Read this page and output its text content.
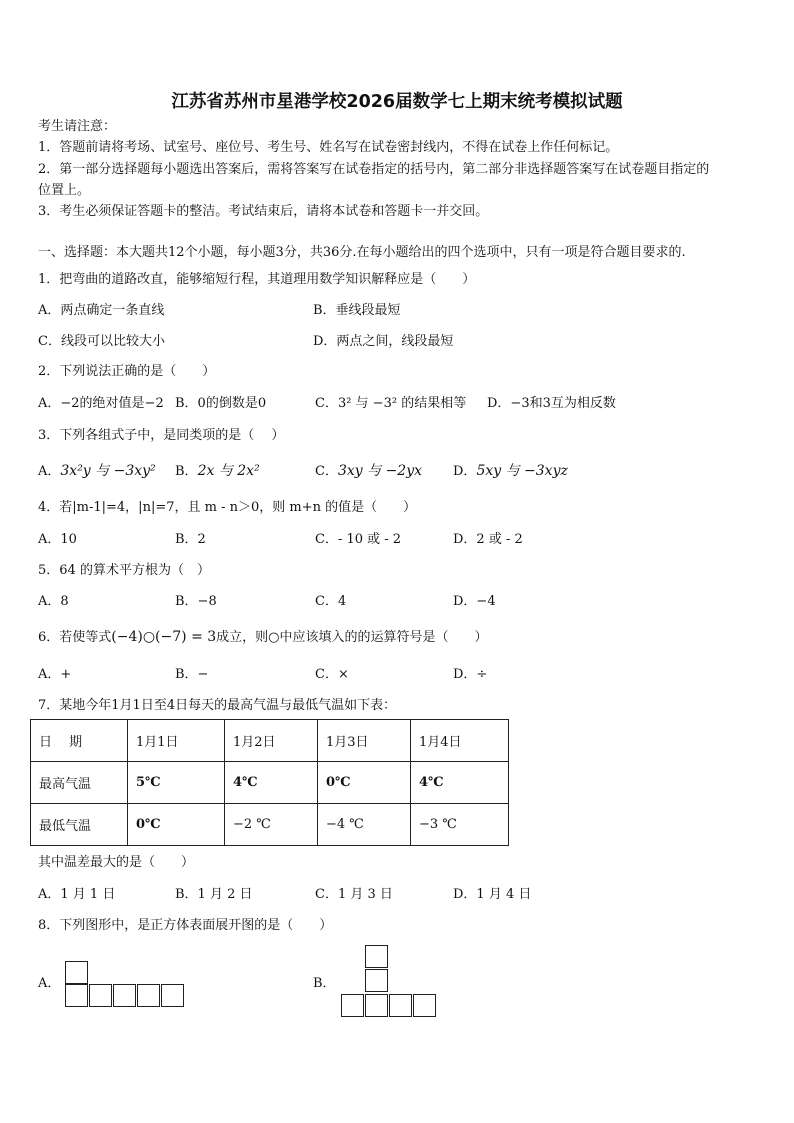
江苏省苏州市星港学校2026届数学七上期末统考模拟试题
考生请注意：
1．答题前请将考场、试室号、座位号、考生号、姓名写在试卷密封线内，不得在试卷上作任何标记。
2．第一部分选择题每小题选出答案后，需将答案写在试卷指定的括号内，第二部分非选择题答案写在试卷题目指定的
位置上。
3．考生必须保证答题卡的整洁。考试结束后，请将本试卷和答题卡一并交回。
一、选择题：本大题共12个小题，每小题3分，共36分.在每小题给出的四个选项中，只有一项是符合题目要求的.
1．把弯曲的道路改直，能够缩短行程，其道理用数学知识解释应是（　　）
A．两点确定一条直线	B．垂线段最短
C．线段可以比较大小	D．两点之间，线段最短
2．下列说法正确的是（　　）
A．−2的绝对值是−2 B．0的倒数是0	C．3² 与 −3² 的结果相等 D．−3和3互为相反数
3．下列各组式子中，是同类项的是（　 ）
A．3x²y 与 −3xy² B．2x 与 2x²	C．3xy 与 −2yx D．5xy 与 −3xyz
4．若|m-1|=4，|n|=7，且 m - n＞0，则 m+n 的值是（　　）
A．10	B．2	C．- 10 或 - 2	D．2 或 - 2
5．64 的算术平方根为（　）
A．8	B．−8	C．4	D．−4
6．若使等式(−4)○(−7) = 3成立，则○中应该填入的的运算符号是（　　）
A．+	B．−	C．×	D．÷
7．某地今年1月1日至4日每天的最高气温与最低气温如下表：
日　 期	1月1日	1月2日	1月3日	1月4日
最高气温	5℃	4℃	0℃	4℃
最低气温	0℃	−2 ℃	−4 ℃	−3 ℃
其中温差最大的是（　　）
A．1 月 1 日	B．1 月 2 日	C．1 月 3 日	D．1 月 4 日
8．下列图形中，是正方体表面展开图的是（　　）
A．	B．
